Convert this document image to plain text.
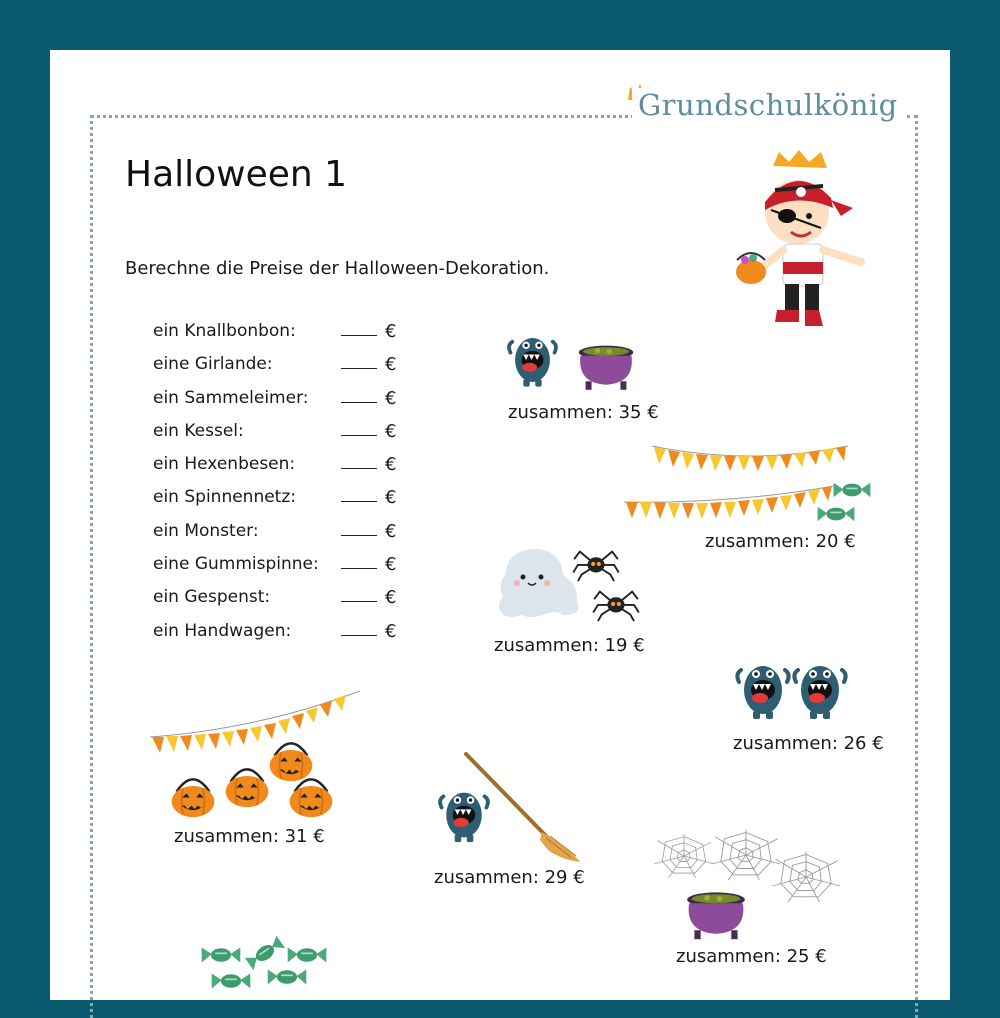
Grundschulkönig
Halloween 1
Berechne die Preise der Halloween-Dekoration.
ein Knallbonbon:	€
eine Girlande:	€
ein Sammeleimer:	€
ein Kessel:	€
ein Hexenbesen:	€
ein Spinnennetz:	€
ein Monster:	€
eine Gummispinne:	€
ein Gespenst:	€
ein Handwagen:	€
zusammen: 35 €
zusammen: 20 €
zusammen: 19 €
zusammen: 26 €
zusammen: 31 €
zusammen: 29 €
zusammen: 25 €
